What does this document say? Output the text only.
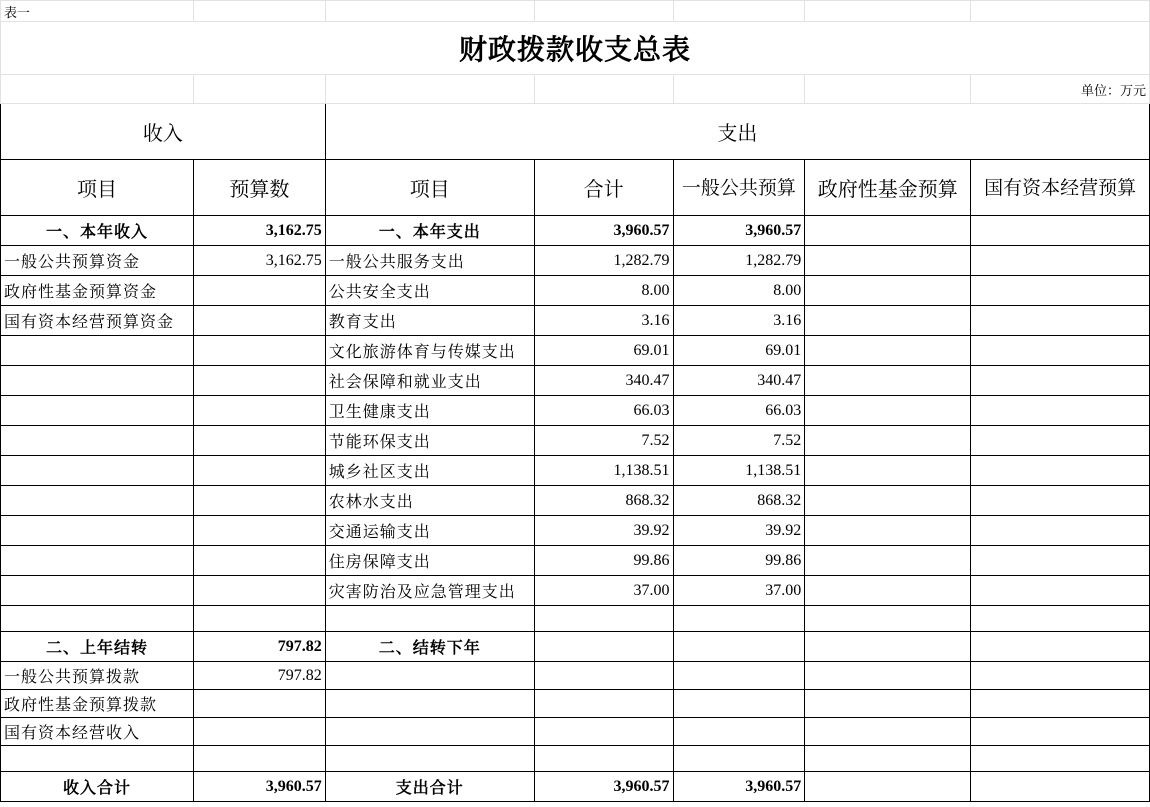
表一						
财政拨款收支总表						
						单位：万元
收入		支出				
项目	预算数	项目	合计	一般公共预算	政府性基金预算	国有资本经营预算
一、本年收入	3,162.75	一、本年支出	3,960.57	3,960.57		
一般公共预算资金	3,162.75	一般公共服务支出	1,282.79	1,282.79		
政府性基金预算资金		公共安全支出	8.00	8.00		
国有资本经营预算资金		教育支出	3.16	3.16		
		文化旅游体育与传媒支出	69.01	69.01		
		社会保障和就业支出	340.47	340.47		
		卫生健康支出	66.03	66.03		
		节能环保支出	7.52	7.52		
		城乡社区支出	1,138.51	1,138.51		
		农林水支出	868.32	868.32		
		交通运输支出	39.92	39.92		
		住房保障支出	99.86	99.86		
		灾害防治及应急管理支出	37.00	37.00		

二、上年结转	797.82	二、结转下年				
一般公共预算拨款	797.82					
政府性基金预算拨款						
国有资本经营收入						

收入合计	3,960.57	支出合计	3,960.57	3,960.57		
